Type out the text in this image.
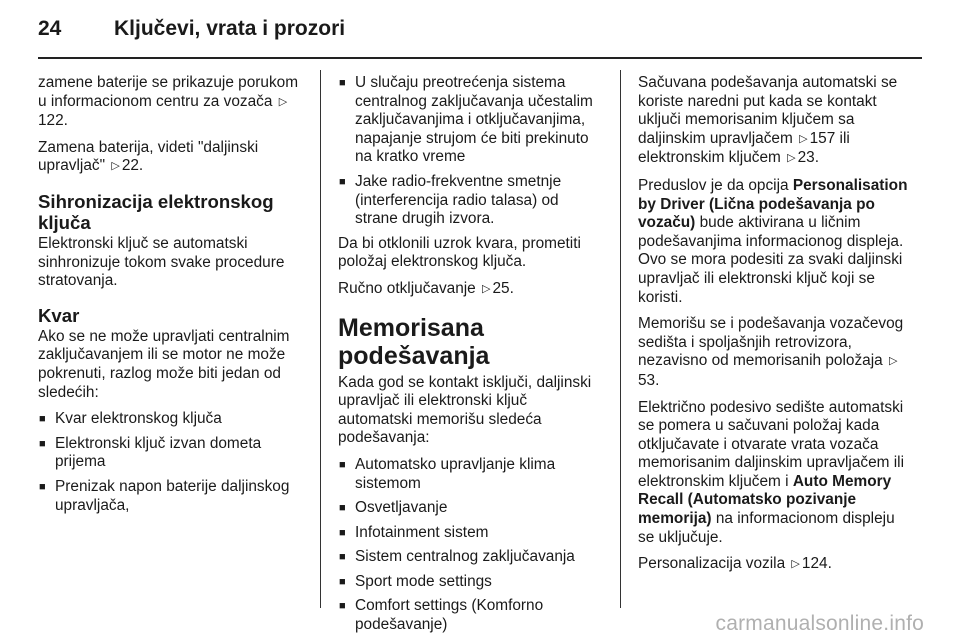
24	Ključevi, vrata i prozori

zamene baterije se prikazuje porukom u informacionom centru za vozača ▷122.

Zamena baterija, videti "daljinski upravljač" ▷ 22.

Sihronizacija elektronskog ključa

Elektronski ključ se automatski sinhronizuje tokom svake procedure stratovanja.

Kvar

Ako se ne može upravljati centralnim zaključavanjem ili se motor ne može pokrenuti, razlog može biti jedan od sledećih:

■ Kvar elektronskog ključa
■ Elektronski ključ izvan dometa prijema
■ Prenizak napon baterije daljinskog upravljača,
■ U slučaju preotrećenja sistema centralnog zaključavanja učestalim zaključavanjima i otključavanjima, napajanje strujom će biti prekinuto na kratko vreme
■ Jake radio-frekventne smetnje (interferencija radio talasa) od strane drugih izvora.

Da bi otklonili uzrok kvara, prometiti položaj elektronskog ključa.

Ručno otključavanje ▷ 25.

Memorisana podešavanja

Kada god se kontakt isključi, daljinski upravljač ili elektronski ključ automatski memorišu sledeća podešavanja:

■ Automatsko upravljanje klima sistemom
■ Osvetljavanje
■ Infotainment sistem
■ Sistem centralnog zaključavanja
■ Sport mode settings
■ Comfort settings (Komforno podešavanje)

Sačuvana podešavanja automatski se koriste naredni put kada se kontakt uključi memorisanim ključem sa daljinskim upravljačem ▷ 157 ili elektronskim ključem ▷ 23.

Preduslov je da opcija Personalisation by Driver (Lična podešavanja po vozaču) bude aktivirana u ličnim podešavanjima informacionog displeja. Ovo se mora podesiti za svaki daljinski upravljač ili elektronski ključ koji se koristi.

Memorišu se i podešavanja vozačevog sedišta i spoljašnjih retrovizora, nezavisno od memorisanih položaja ▷53.

Električno podesivo sedište automatski se pomera u sačuvani položaj kada otključavate i otvarate vrata vozača memorisanim daljinskim upravljačem ili elektronskim ključem i Auto Memory Recall (Automatsko pozivanje memorija) na informacionom displeju se uključuje.

Personalizacija vozila ▷ 124.

carmanualsonline.info
